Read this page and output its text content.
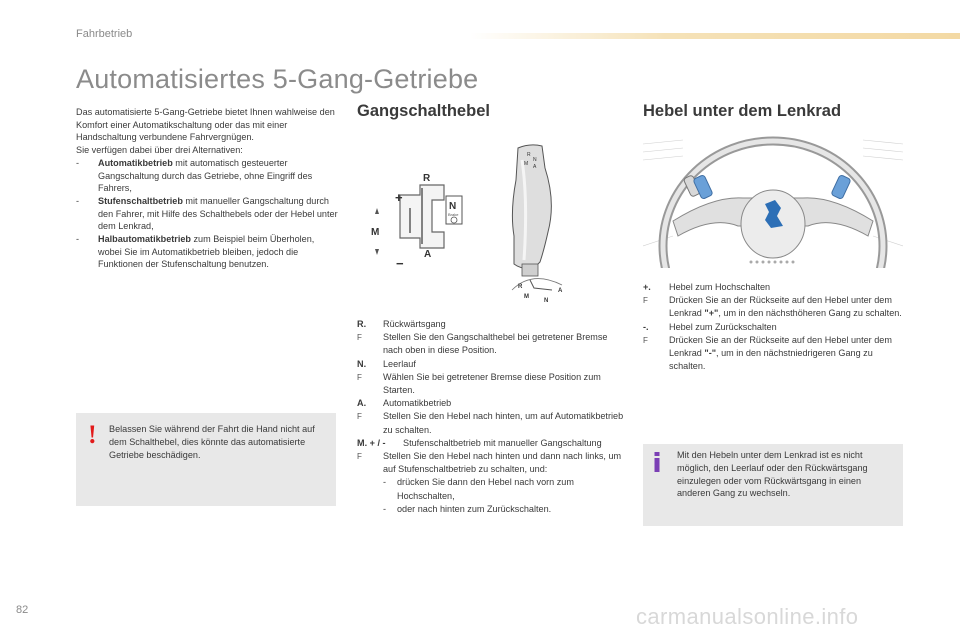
Fahrbetrieb
Automatisiertes 5-Gang-Getriebe

Das automatisierte 5-Gang-Getriebe bietet Ihnen wahlweise den Komfort einer Automatikschaltung oder das mit einer Handschaltung verbundene Fahrvergnügen.

Sie verfügen dabei über drei Alternativen:

-	Automatikbetrieb mit automatisch gesteuerter Gangschaltung durch das Getriebe, ohne Eingriff des Fahrers,
-	Stufenschaltbetrieb mit manueller Gangschaltung durch den Fahrer, mit Hilfe des Schalthebels oder der Hebel unter dem Lenkrad,
-	Halbautomatikbetrieb zum Beispiel beim Überholen, wobei Sie im Automatikbetrieb bleiben, jedoch die Funktionen der Stufenschaltung benutzen.
! Belassen Sie während der Fahrt die Hand nicht auf dem Schalthebel, dies könnte das automatisierte Getriebe beschädigen.
Gangschalthebel
R
+
M
−
A
N
Brake
R
N
M A
A
N
R
M
R.	Rückwärtsgang
F	Stellen Sie den Gangschalthebel bei getretener Bremse nach oben in diese Position.
N.	Leerlauf
F	Wählen Sie bei getretener Bremse diese Position zum Starten.
A.	Automatikbetrieb
F	Stellen Sie den Hebel nach hinten, um auf Automatikbetrieb zu schalten.
M. + / -	Stufenschaltbetrieb mit manueller Gangschaltung
F	Stellen Sie den Hebel nach hinten und dann nach links, um auf Stufenschaltbetrieb zu schalten, und:
-	drücken Sie dann den Hebel nach vorn zum Hochschalten,
-	oder nach hinten zum Zurückschalten.
Hebel unter dem Lenkrad
+.	Hebel zum Hochschalten
F	Drücken Sie an der Rückseite auf den Hebel unter dem Lenkrad "+", um in den nächsthöheren Gang zu schalten.
-.	Hebel zum Zurückschalten
F	Drücken Sie an der Rückseite auf den Hebel unter dem Lenkrad "-", um in den nächstniedrigeren Gang zu schalten.
Mit den Hebeln unter dem Lenkrad ist es nicht möglich, den Leerlauf oder den Rückwärtsgang einzulegen oder vom Rückwärtsgang in einen anderen Gang zu wechseln.
82	carmanualsonline.info
